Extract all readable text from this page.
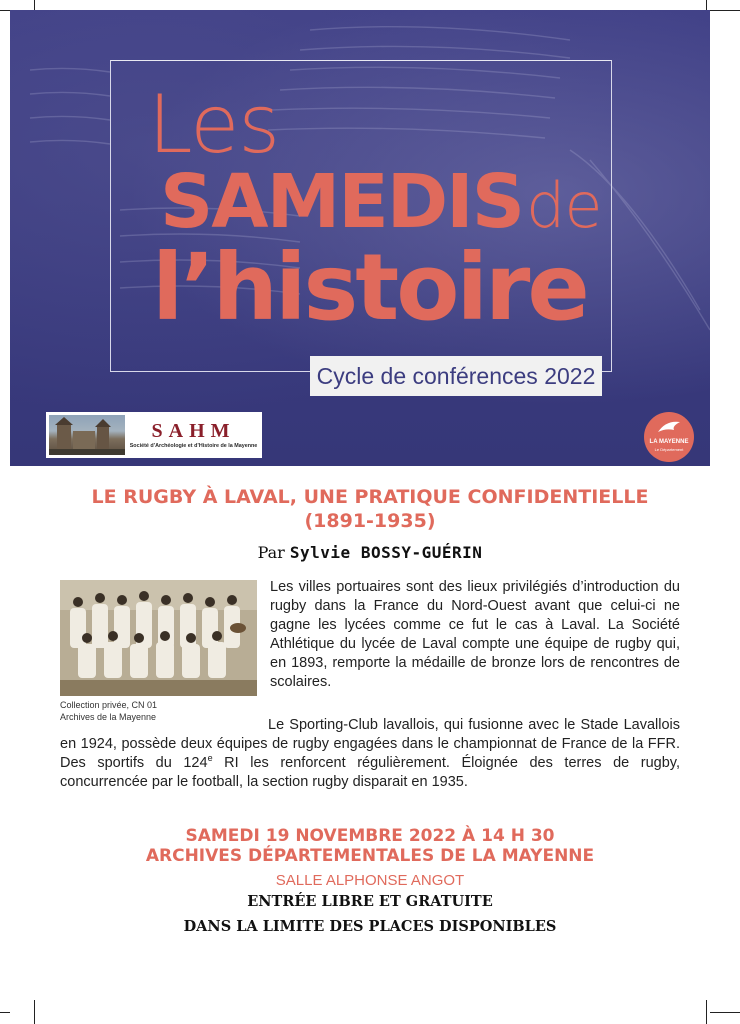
Les
SAMEDIS de
l’histoire
Cycle de conférences 2022
SAHM
Société d’Archéologie et d’Histoire de la Mayenne
LA MAYENNE
Le Département
LE RUGBY À LAVAL, UNE PRATIQUE CONFIDENTIELLE
(1891-1935)
Par Sylvie BOSSY-GUÉRIN
Collection privée, CN 01
Archives de la Mayenne

Les villes portuaires sont des lieux privilégiés d’introduction du rugby dans la France du Nord-Ouest avant que celui-ci ne gagne les lycées comme ce fut le cas à Laval. La Société Athlétique du lycée de Laval compte une équipe de rugby qui, en 1893, remporte la médaille de bronze lors de rencontres de scolaires.

Le Sporting-Club lavallois, qui fusionne avec le Stade Lavallois en 1924, possède deux équipes de rugby engagées dans le championnat de France de la FFR. Des sportifs du 124e RI les renforcent régulièrement. Éloignée des terres de rugby, concurrencée par le football, la section rugby disparait en 1935.

SAMEDI 19 NOVEMBRE 2022 À 14 H 30
ARCHIVES DÉPARTEMENTALES DE LA MAYENNE
SALLE ALPHONSE ANGOT
ENTRÉE LIBRE ET GRATUITE
DANS LA LIMITE DES PLACES DISPONIBLES
